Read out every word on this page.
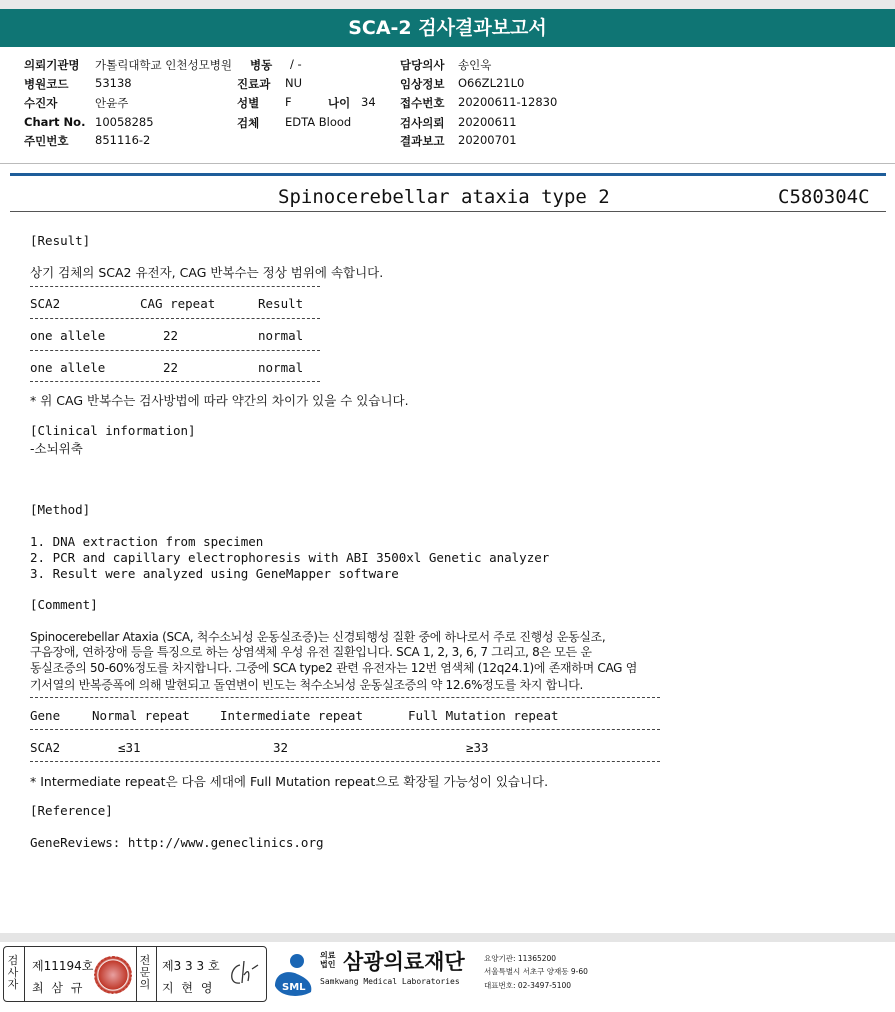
SCA-2 검사결과보고서
의뢰기관명 가톨릭대학교 인천성모병원
병원코드 53138
수진자	안윤주
Chart No. 10058285
주민번호 851116-2
병동 / -
진료과 NU
성별 F	나이 34
검체 EDTA Blood
담당의사 송인욱
임상정보 O66ZL21L0
접수번호 20200611-12830
검사의뢰 20200611
결과보고 20200701
Spinocerebellar ataxia type 2	C580304C
[Result]
상기 검체의 SCA2 유전자, CAG 반복수는 정상 범위에 속합니다.
SCA2	CAG repeat	Result
one allele	22	normal
one allele	22	normal
* 위 CAG 반복수는 검사방법에 따라 약간의 차이가 있을 수 있습니다.
[Clinical information]
-소뇌위축
[Method]
1. DNA extraction from specimen
2. PCR and capillary electrophoresis with ABI 3500xl Genetic analyzer
3. Result were analyzed using GeneMapper software
[Comment]
Spinocerebellar Ataxia (SCA, 척수소뇌성 운동실조증)는 신경퇴행성 질환 중에 하나로서 주로 진행성 운동실조,
구음장애, 연하장애 등을 특징으로 하는 상염색체 우성 유전 질환입니다. SCA 1, 2, 3, 6, 7 그리고, 8은 모든 운
동실조증의 50-60%정도를 차지합니다. 그중에 SCA type2 관련 유전자는 12번 염색체 (12q24.1)에 존재하며 CAG 염
기서열의 반복증폭에 의해 발현되고 돌연변이 빈도는 척수소뇌성 운동실조증의 약 12.6%정도를 차지 합니다.
Gene	Normal repeat Intermediate repeat	Full Mutation repeat
SCA2	≤31	32	≥33
* Intermediate repeat은 다음 세대에 Full Mutation repeat으로 확장될 가능성이 있습니다.
[Reference]
GeneReviews: http://www.geneclinics.org
검사자
제11194호
최 삼 규
전문의
제3 3 3 호
지 현 영	SML
의료법인 삼광의료재단
Samkwang Medical Laboratories
요양기관: 11365200
서울특별시 서초구 양재동 9-60
대표번호: 02-3497-5100
